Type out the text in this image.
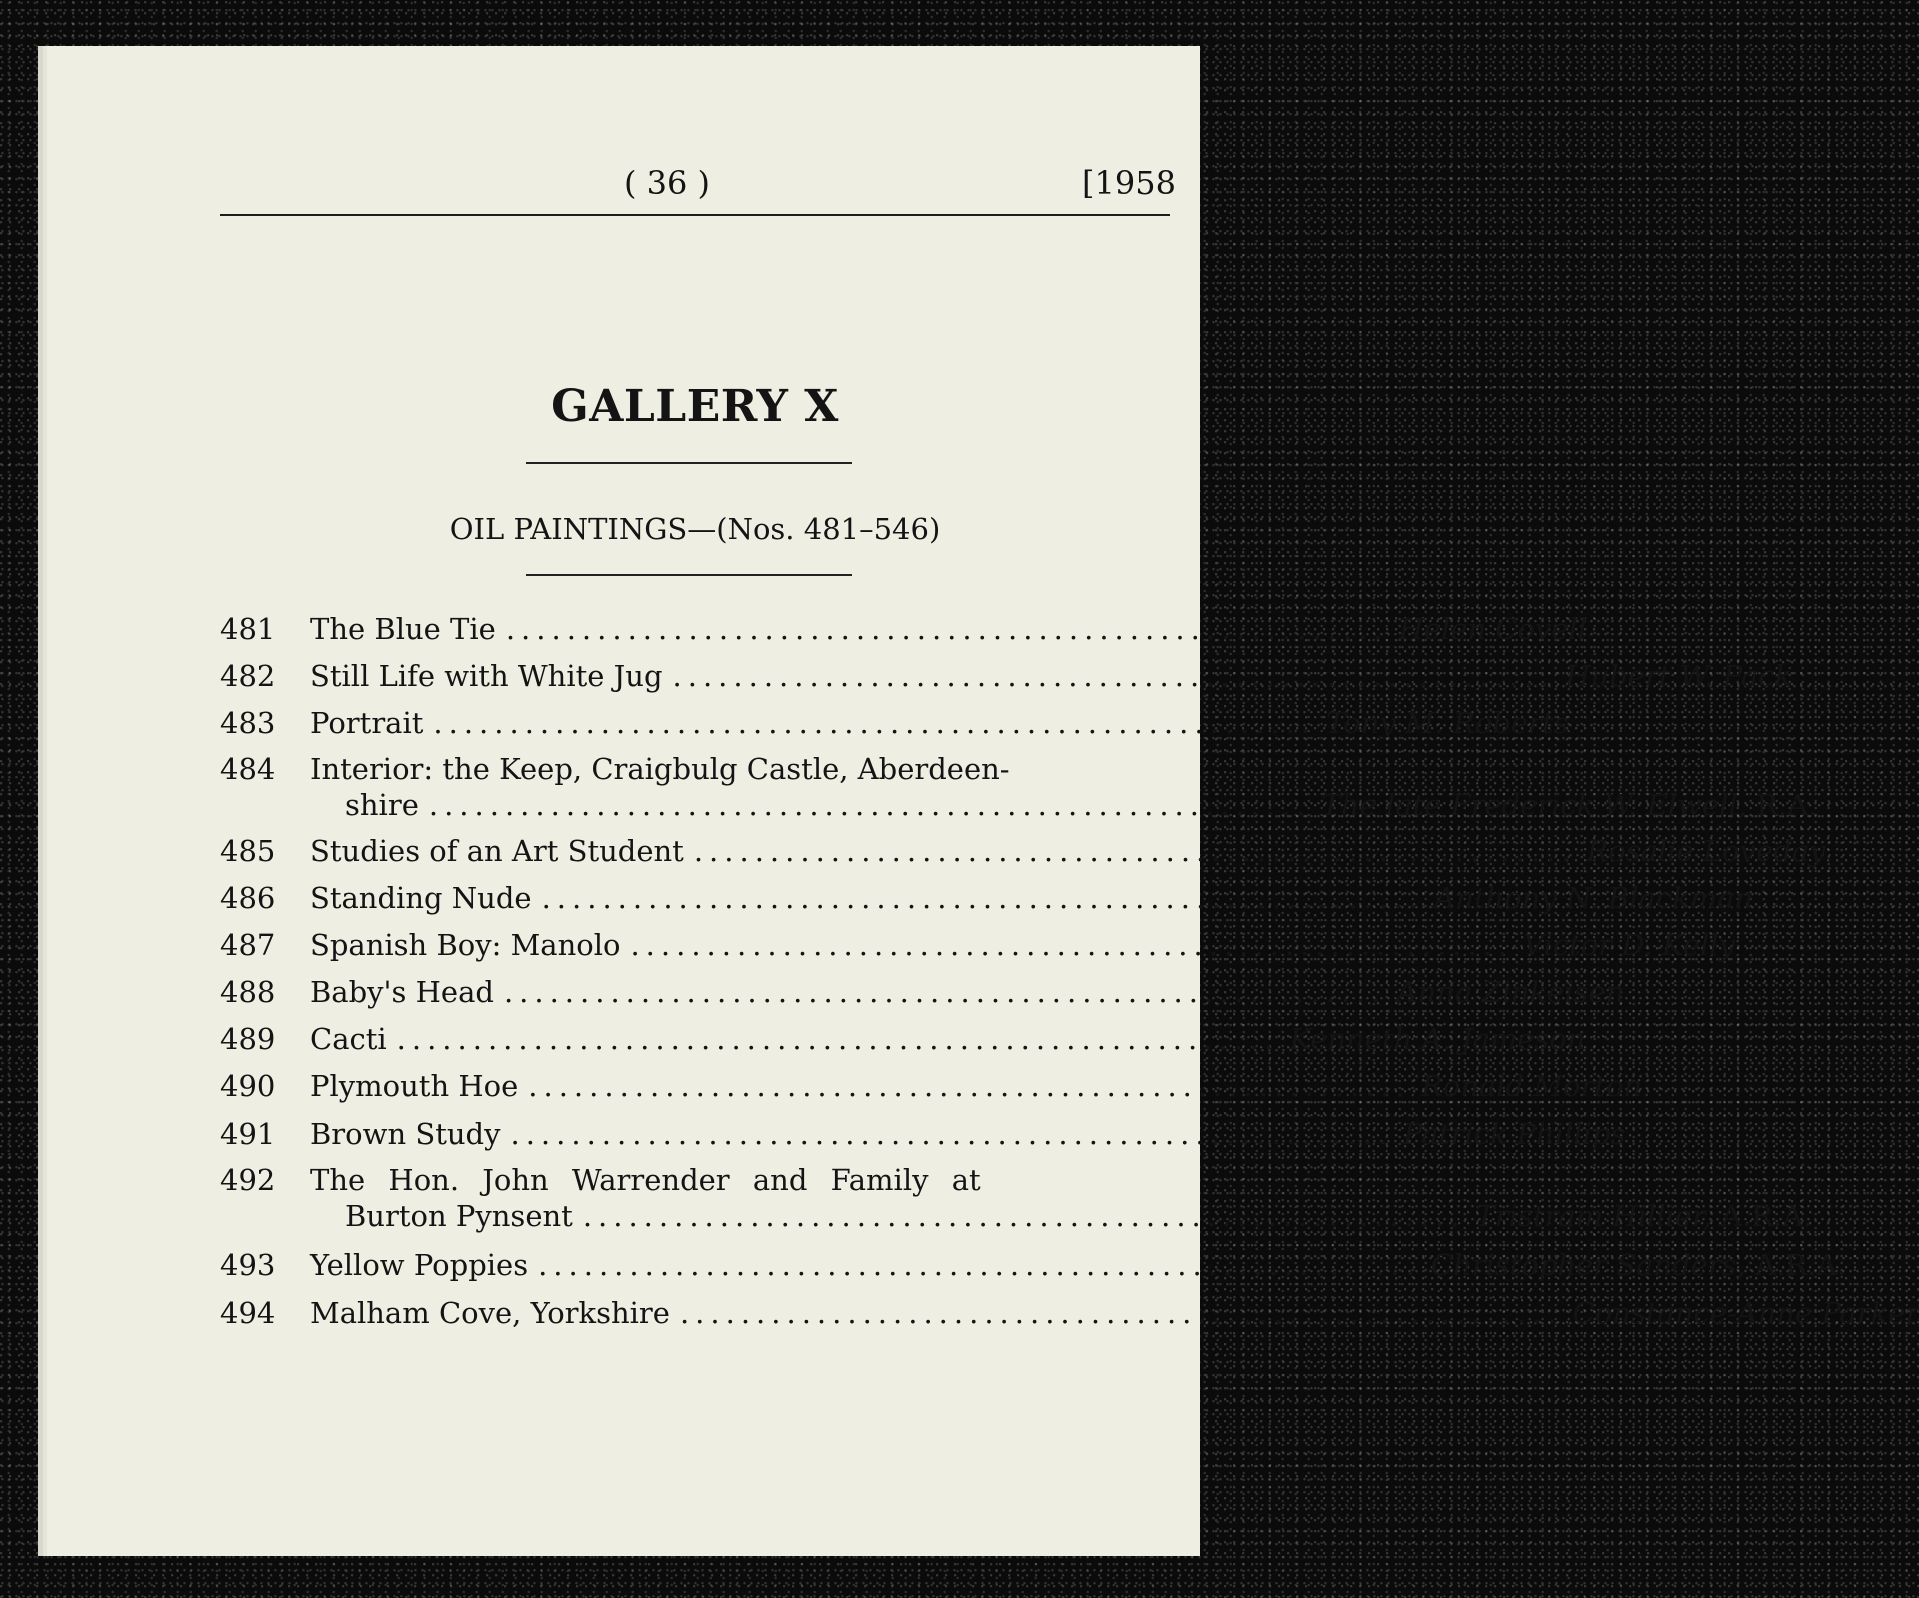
( 36 )	[1958
GALLERY X
OIL PAINTINGS—(Nos. 481–546)
481 The Blue Tie .......................................................... Helen Covell
482 Still Life with White Jug .......................................................... Hubert W. Pack
483 Portrait .......................................................... Tony M. Roberts
484 Interior: the Keep, Craigbulg Castle, Aberdeen-
shire .......................................................... The late Frederick W. Elwell, R.A.
485 Studies of an Art Student .......................................................... Rosalie Loveday
486 Standing Nude .......................................................... Anthony N. Blackman
487 Spanish Boy: Manolo .......................................................... Victor D. Kelly
488 Baby's Head .......................................................... Anna Zinkeisen
489 Cacti .......................................................... Kenneth A. Jameson
490 Plymouth Hoe .......................................................... Ronald Morton
491 Brown Study .......................................................... Patrick Phillips
492 The Hon. John Warrender and Family at
Burton Pynsent .......................................................... Tristram Hillier, A.R.A.
493 Yellow Poppies .......................................................... Christopher Sanders, A.R.A.
494 Malham Cove, Yorkshire .......................................................... Constance-Anne Parker
